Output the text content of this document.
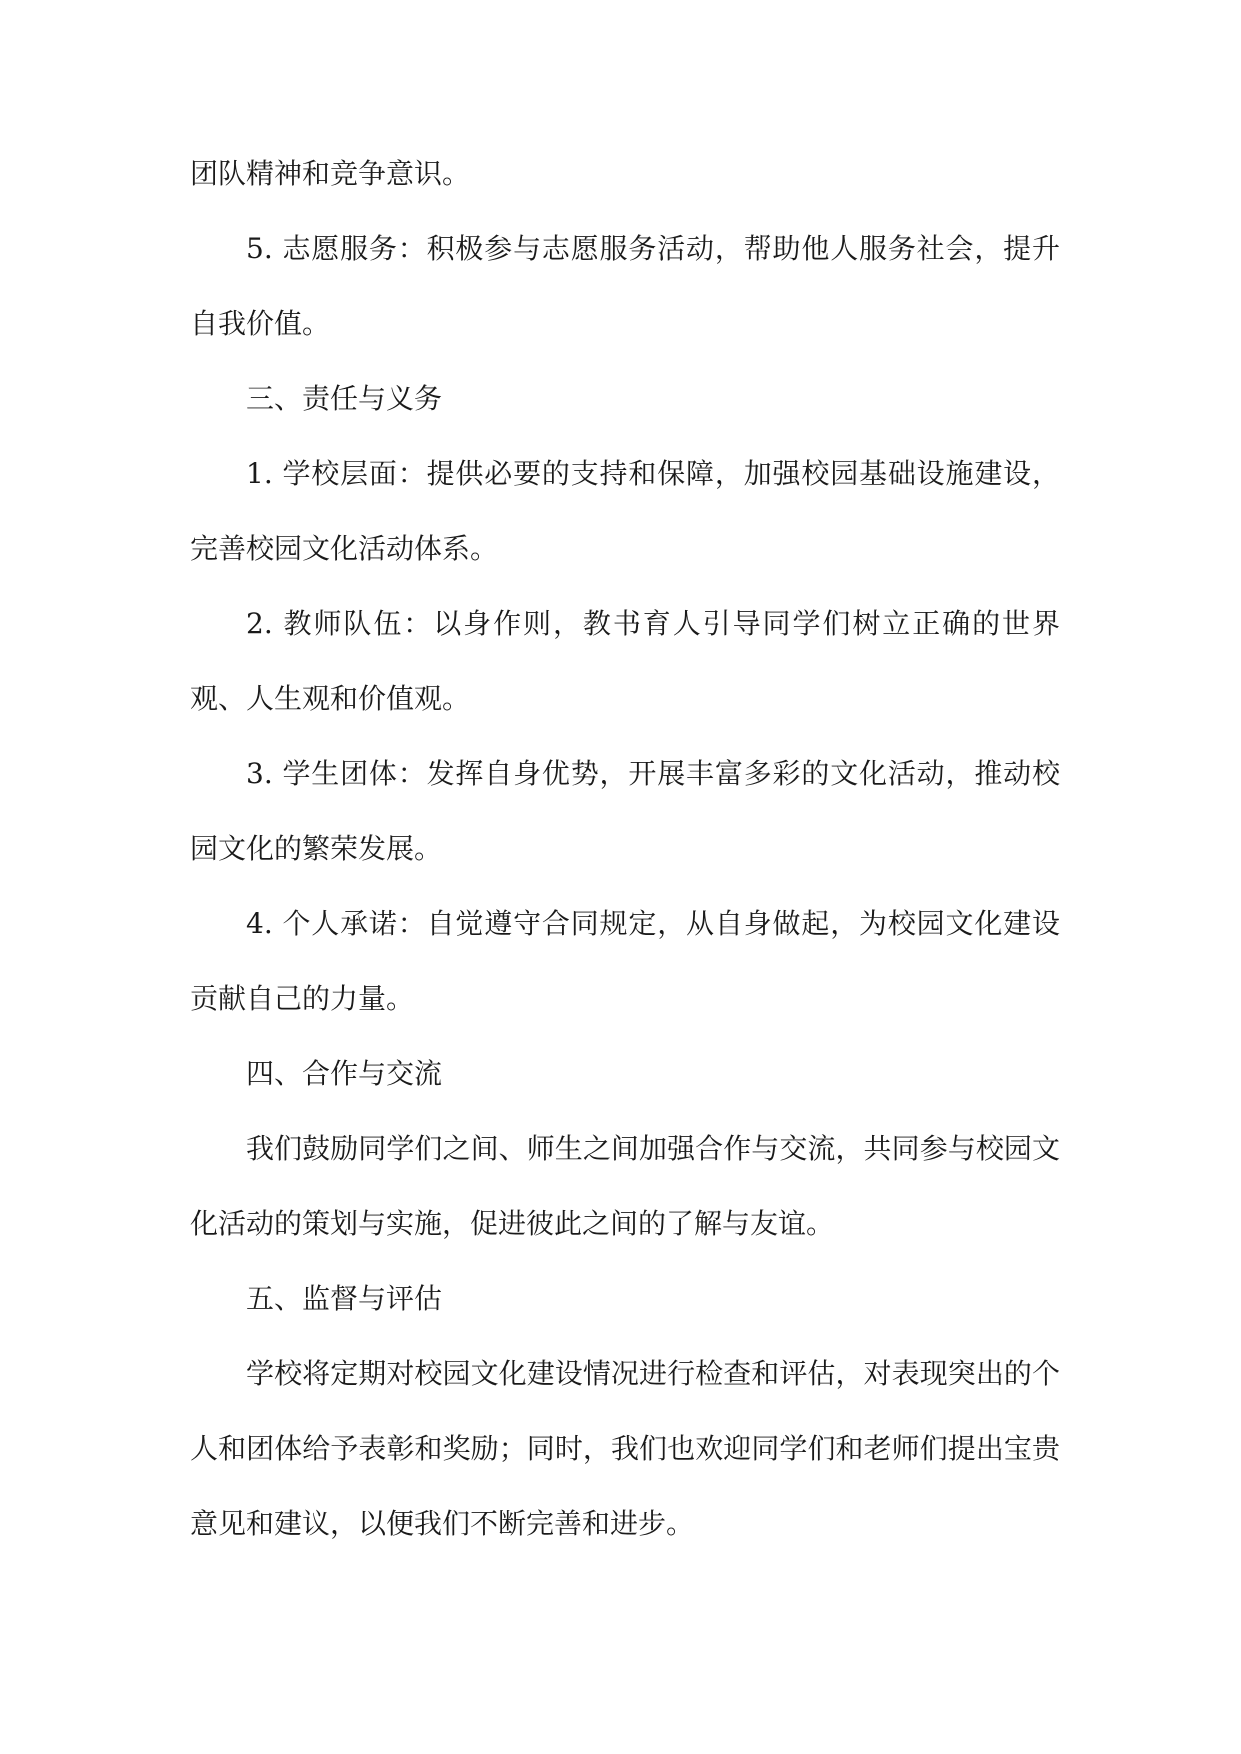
团队精神和竞争意识。

5. 志愿服务：积极参与志愿服务活动，帮助他人服务社会，提升自我价值。

三、责任与义务

1. 学校层面：提供必要的支持和保障，加强校园基础设施建设，完善校园文化活动体系。

2. 教师队伍：以身作则，教书育人引导同学们树立正确的世界观、人生观和价值观。

3. 学生团体：发挥自身优势，开展丰富多彩的文化活动，推动校园文化的繁荣发展。

4. 个人承诺：自觉遵守合同规定，从自身做起，为校园文化建设贡献自己的力量。

四、合作与交流

我们鼓励同学们之间、师生之间加强合作与交流，共同参与校园文化活动的策划与实施，促进彼此之间的了解与友谊。

五、监督与评估

学校将定期对校园文化建设情况进行检查和评估，对表现突出的个人和团体给予表彰和奖励；同时，我们也欢迎同学们和老师们提出宝贵意见和建议，以便我们不断完善和进步。
